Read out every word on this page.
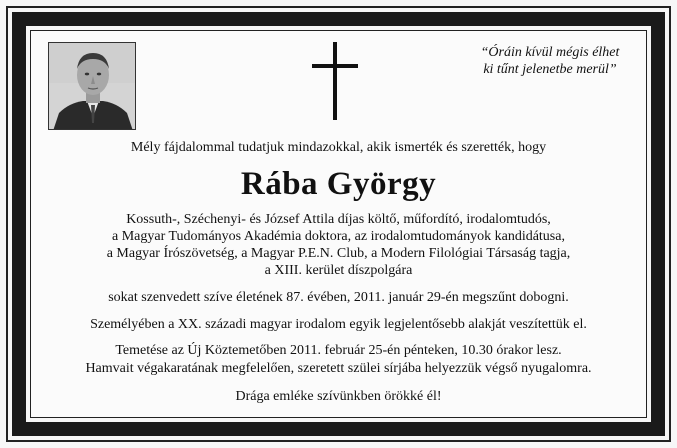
“Óráin kívül mégis élhet
ki tűnt jelenetbe merül”
Mély fájdalommal tudatjuk mindazokkal, akik ismerték és szerették, hogy
Rába György
Kossuth-, Széchenyi- és József Attila díjas költő, műfordító, irodalomtudós,
a Magyar Tudományos Akadémia doktora, az irodalomtudományok kandidátusa,
a Magyar Írószövetség, a Magyar P.E.N. Club, a Modern Filológiai Társaság tagja,
a XIII. kerület díszpolgára
sokat szenvedett szíve életének 87. évében, 2011. január 29-én megszűnt dobogni.
Személyében a XX. századi magyar irodalom egyik legjelentősebb alakját veszítettük el.
Temetése az Új Köztemetőben 2011. február 25-én pénteken, 10.30 órakor lesz.
Hamvait végakaratának megfelelően, szeretett szülei sírjába helyezzük végső nyugalomra.
Drága emléke szívünkben örökké él!
